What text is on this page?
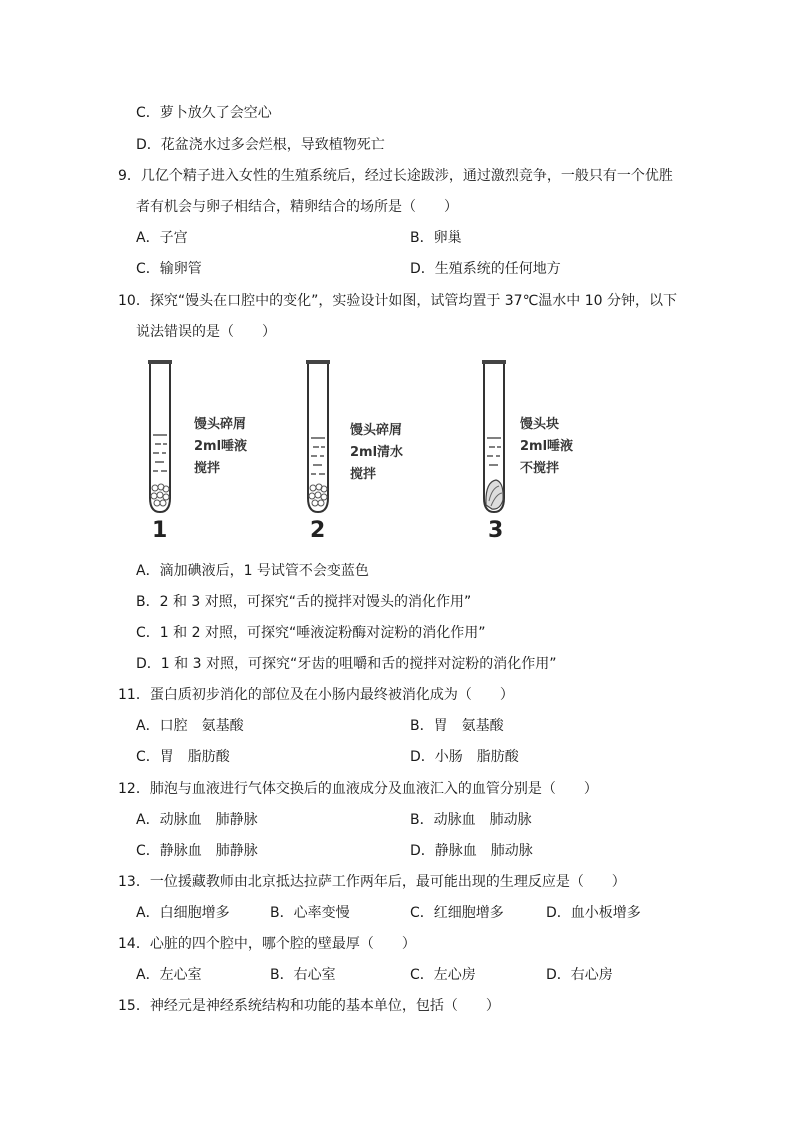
C．萝卜放久了会空心
D．花盆浇水过多会烂根，导致植物死亡
9．几亿个精子进入女性的生殖系统后，经过长途跋涉，通过激烈竞争，一般只有一个优胜
者有机会与卵子相结合，精卵结合的场所是（　　）
A．子宫	B．卵巢
C．输卵管	D．生殖系统的任何地方
10．探究“馒头在口腔中的变化”，实验设计如图，试管均置于 37℃温水中 10 分钟，以下
说法错误的是（　　）
馒头碎屑
2ml唾液
搅拌
1
馒头碎屑
2ml清水
搅拌
2
馒头块
2ml唾液
不搅拌
3
A．滴加碘液后，1 号试管不会变蓝色
B．2 和 3 对照，可探究“舌的搅拌对馒头的消化作用”
C．1 和 2 对照，可探究“唾液淀粉酶对淀粉的消化作用”
D．1 和 3 对照，可探究“牙齿的咀嚼和舌的搅拌对淀粉的消化作用”
11．蛋白质初步消化的部位及在小肠内最终被消化成为（　　）
A．口腔　氨基酸	B．胃　氨基酸
C．胃　脂肪酸	D．小肠　脂肪酸
12．肺泡与血液进行气体交换后的血液成分及血液汇入的血管分别是（　　）
A．动脉血　肺静脉	B．动脉血　肺动脉
C．静脉血　肺静脉	D．静脉血　肺动脉
13．一位援藏教师由北京抵达拉萨工作两年后，最可能出现的生理反应是（　　）
A．白细胞增多	B．心率变慢	C．红细胞增多	D．血小板增多
14．心脏的四个腔中，哪个腔的壁最厚（　　）
A．左心室	B．右心室	C．左心房	D．右心房
15．神经元是神经系统结构和功能的基本单位，包括（　　）
